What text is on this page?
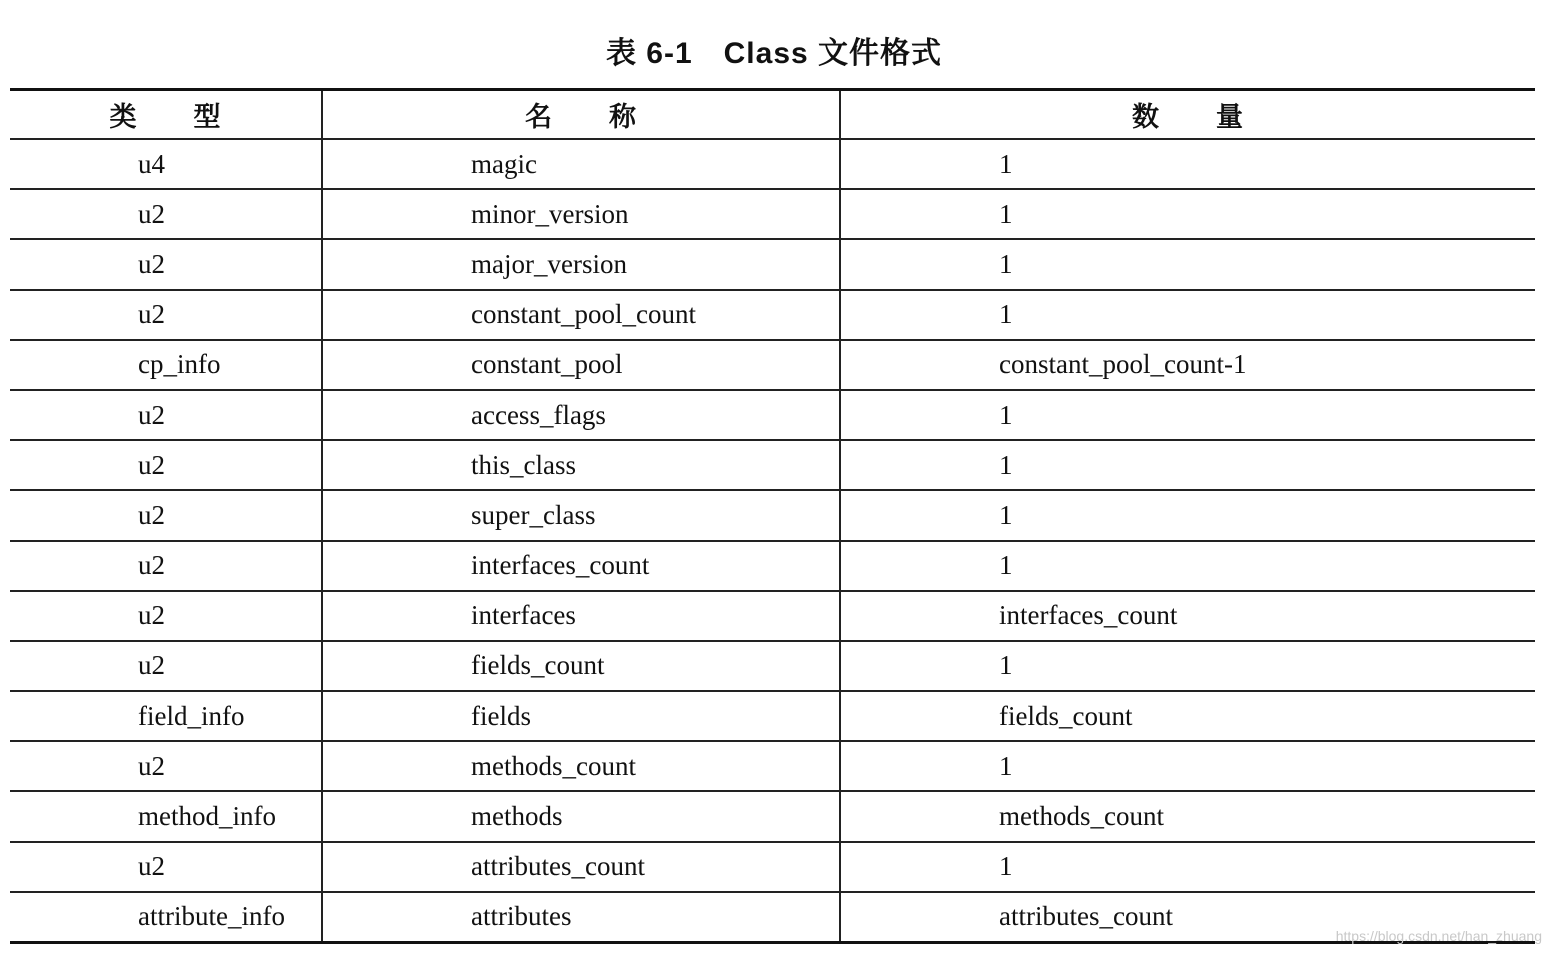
表 6-1　Class 文件格式
类　　型	名　　称	数　　量
u4	magic	1
u2	minor_version	1
u2	major_version	1
u2	constant_pool_count	1
cp_info	constant_pool	constant_pool_count-1
u2	access_flags	1
u2	this_class	1
u2	super_class	1
u2	interfaces_count	1
u2	interfaces	interfaces_count
u2	fields_count	1
field_info	fields	fields_count
u2	methods_count	1
method_info	methods	methods_count
u2	attributes_count	1
attribute_info	attributes	attributes_count
https://blog.csdn.net/han_zhuang
